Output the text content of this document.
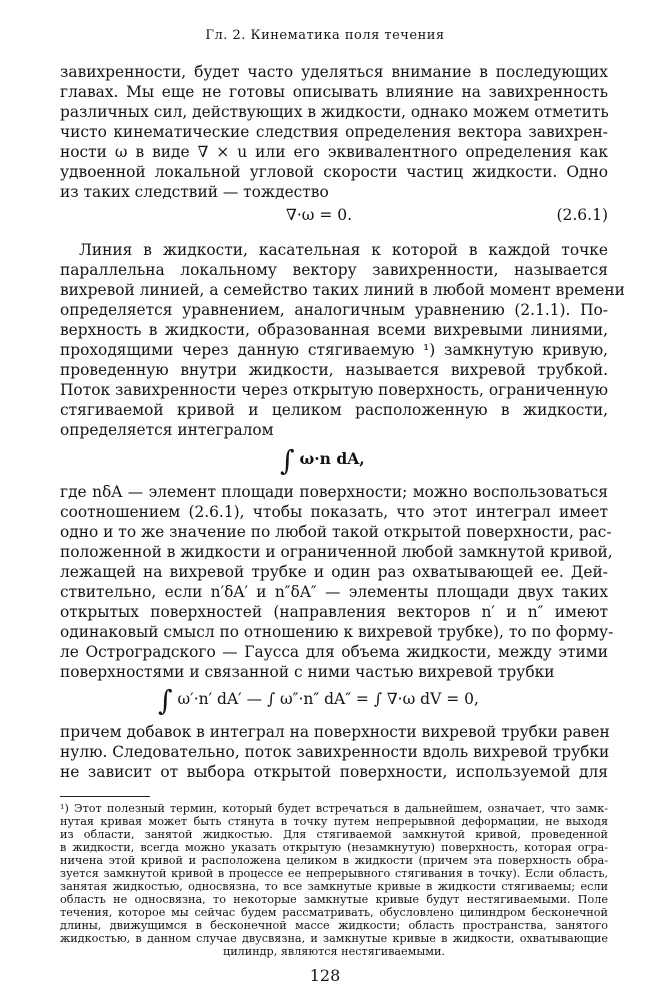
Гл. 2. Кинематика поля течения
завихренности, будет часто уделяться внимание в последующих
главах. Мы еще не готовы описывать влияние на завихренность
различных сил, действующих в жидкости, однако можем отметить
чисто кинематические следствия определения вектора завихрен-
ности ω в виде ∇ × u или его эквивалентного определения как
удвоенной локальной угловой скорости частиц жидкости. Одно
из таких следствий — тождество
∇·ω = 0.	(2.6.1)
Линия в жидкости, касательная к которой в каждой точке
параллельна локальному вектору завихренности, называется
вихревой линией, а семейство таких линий в любой момент времени
определяется уравнением, аналогичным уравнению (2.1.1). По-
верхность в жидкости, образованная всеми вихревыми линиями,
проходящими через данную стягиваемую ¹) замкнутую кривую,
проведенную внутри жидкости, называется вихревой трубкой.
Поток завихренности через открытую поверхность, ограниченную
стягиваемой кривой и целиком расположенную в жидкости,
определяется интегралом
∫ ω·n dA,
где nδA — элемент площади поверхности; можно воспользоваться
соотношением (2.6.1), чтобы показать, что этот интеграл имеет
одно и то же значение по любой такой открытой поверхности, рас-
положенной в жидкости и ограниченной любой замкнутой кривой,
лежащей на вихревой трубке и один раз охватывающей ее. Дей-
ствительно, если n′δA′ и n″δA″ — элементы площади двух таких
открытых поверхностей (направления векторов n′ и n″ имеют
одинаковый смысл по отношению к вихревой трубке), то по форму-
ле Остроградского — Гаусса для объема жидкости, между этими
поверхностями и связанной с ними частью вихревой трубки
∫ ω′·n′ dA′ — ∫ ω″·n″ dA″ = ∫ ∇·ω dV = 0,
причем добавок в интеграл на поверхности вихревой трубки равен
нулю. Следовательно, поток завихренности вдоль вихревой трубки
не зависит от выбора открытой поверхности, используемой для
¹) Этот полезный термин, который будет встречаться в дальнейшем, означает, что замк-
нутая кривая может быть стянута в точку путем непрерывной деформации, не выходя
из области, занятой жидкостью. Для стягиваемой замкнутой кривой, проведенной
в жидкости, всегда можно указать открытую (незамкнутую) поверхность, которая огра-
ничена этой кривой и расположена целиком в жидкости (причем эта поверхность обра-
зуется замкнутой кривой в процессе ее непрерывного стягивания в точку). Если область,
занятая жидкостью, односвязна, то все замкнутые кривые в жидкости стягиваемы; если
область не односвязна, то некоторые замкнутые кривые будут нестягиваемыми. Поле
течения, которое мы сейчас будем рассматривать, обусловлено цилиндром бесконечной
длины, движущимся в бесконечной массе жидкости; область пространства, занятого
жидкостью, в данном случае двусвязна, и замкнутые кривые в жидкости, охватывающие
цилиндр, являются нестягиваемыми.
128
